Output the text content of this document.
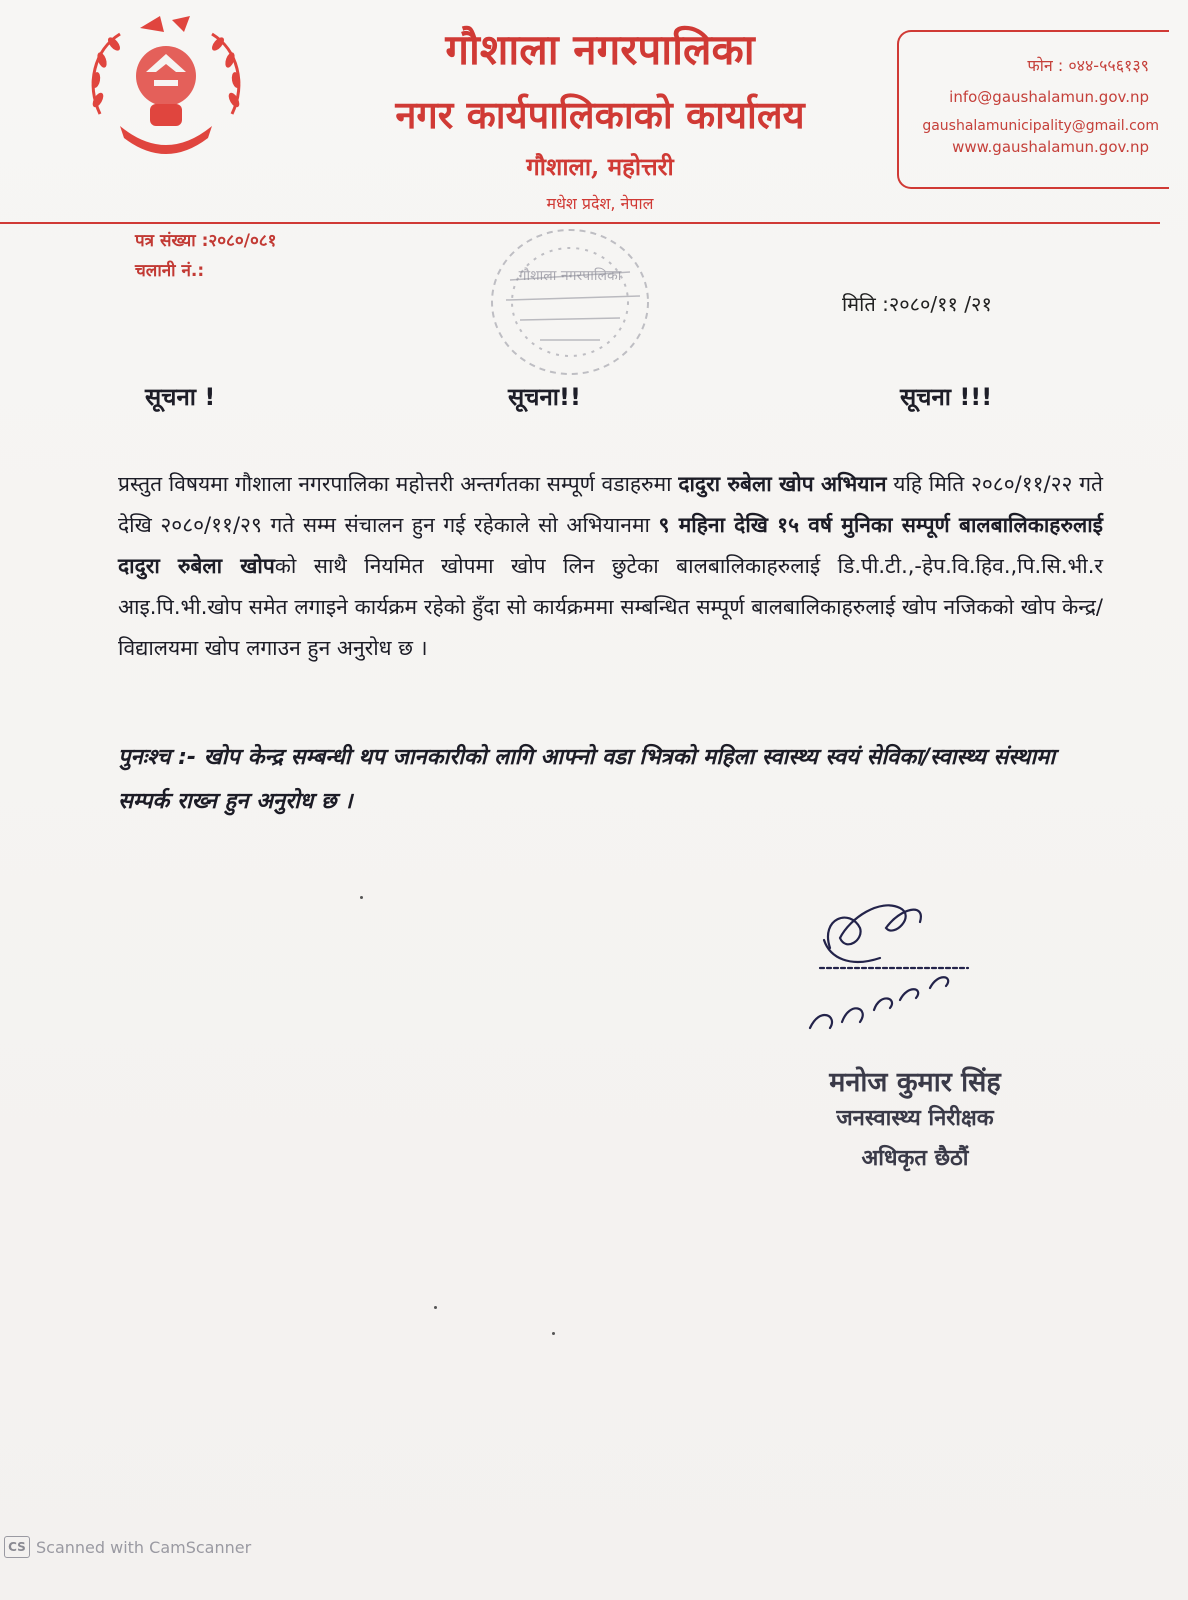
गौशाला नगरपालिका
नगर कार्यपालिकाको कार्यालय
गौशाला, महोत्तरी
मधेश प्रदेश, नेपाल
फोन : ०४४-५५६१३९
info@gaushalamun.gov.np
gaushalamunicipality@gmail.com
www.gaushalamun.gov.np
पत्र संख्या :२०८०/०८१
चलानी नं.:	गौशाला नगरपालिका
मिति :२०८०/११ /२१
सूचना !	सूचना!!	सूचना !!!
प्रस्तुत विषयमा गौशाला नगरपालिका महोत्तरी अन्तर्गतका सम्पूर्ण वडाहरुमा दादुरा रुबेला खोप अभियान यहि मिति २०८०/११/२२ गते देखि २०८०/११/२९ गते सम्म संचालन हुन गई रहेकाले सो अभियानमा ९ महिना देखि १५ वर्ष मुनिका सम्पूर्ण बालबालिकाहरुलाई दादुरा रुबेला खोपको साथै नियमित खोपमा खोप लिन छुटेका बालबालिकाहरुलाई डि.पी.टी.,-हेप.वि.हिव.,पि.सि.भी.र आइ.पि.भी.खोप समेत लगाइने कार्यक्रम रहेको हुँदा सो कार्यक्रममा सम्बन्धित सम्पूर्ण बालबालिकाहरुलाई खोप नजिकको खोप केन्द्र/विद्यालयमा खोप लगाउन हुन अनुरोध छ ।
पुनःश्च :- खोप केन्द्र सम्बन्धी थप जानकारीको लागि आफ्नो वडा भित्रको महिला स्वास्थ्य स्वयं सेविका/स्वास्थ्य संस्थामा सम्पर्क राख्न हुन अनुरोध छ ।
मनोज कुमार सिंह
जनस्वास्थ्य निरीक्षक
अधिकृत छैठौं
CS Scanned with CamScanner
